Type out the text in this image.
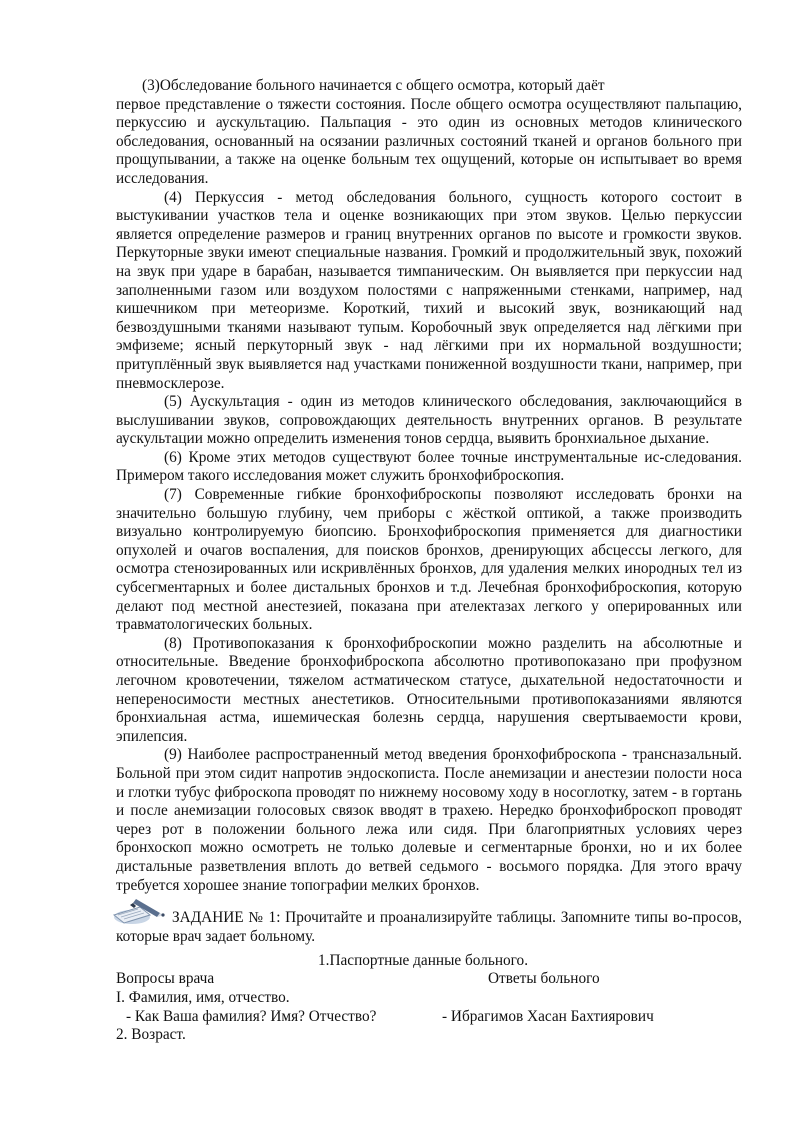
(3)Обследование больного начинается с общего осмотра, который даёт
первое представление о тяжести состояния. После общего осмотра осуществляют пальпацию, перкуссию и аускультацию. Пальпация - это один из основных методов клинического обследования, основанный на осязании различных состояний тканей и органов больного при прощупывании, а также на оценке больным тех ощущений, которые он испытывает во время исследования.
(4) Перкуссия - метод обследования больного, сущность которого состоит в выстукивании участков тела и оценке возникающих при этом звуков. Целью перкуссии является определение размеров и границ внутренних органов по высоте и громкости звуков. Перкуторные звуки имеют специальные названия. Громкий и продолжительный звук, похожий на звук при ударе в барабан, называется тимпаническим. Он выявляется при перкуссии над заполненными газом или воздухом полостями с напряженными стенками, например, над кишечником при метеоризме. Короткий, тихий и высокий звук, возникающий над безвоздушными тканями называют тупым. Коробочный звук определяется над лёгкими при эмфиземе; ясный перкуторный звук - над лёгкими при их нормальной воздушности; притуплённый звук выявляется над участками пониженной воздушности ткани, например, при пневмосклерозе.
(5) Аускультация - один из методов клинического обследования, заключающийся в выслушивании звуков, сопровождающих деятельность внутренних органов. В результате аускультации можно определить изменения тонов сердца, выявить бронхиальное дыхание.
(6) Кроме этих методов существуют более точные инструментальные ис-следования. Примером такого исследования может служить бронхофиброскопия.
(7) Современные гибкие бронхофиброскопы позволяют исследовать бронхи на значительно большую глубину, чем приборы с жёсткой оптикой, а также производить визуально контролируемую биопсию. Бронхофиброскопия применяется для диагностики опухолей и очагов воспаления, для поисков бронхов, дренирующих абсцессы легкого, для осмотра стенозированных или искривлённых бронхов, для удаления мелких инородных тел из субсегментарных и более дистальных бронхов и т.д. Лечебная бронхофиброскопия, которую делают под местной анестезией, показана при ателектазах легкого у оперированных или травматологических больных.
(8) Противопоказания к бронхофиброскопии можно разделить на абсолютные и относительные. Введение бронхофиброскопа абсолютно противопоказано при профузном легочном кровотечении, тяжелом астматическом статусе, дыхательной недостаточности и непереносимости местных анестетиков. Относительными противопоказаниями являются бронхиальная астма, ишемическая болезнь сердца, нарушения свертываемости крови, эпилепсия.
(9) Наиболее распространенный метод введения бронхофиброскопа - трансназальный. Больной при этом сидит напротив эндоскописта. После анемизации и анестезии полости носа и глотки тубус фиброскопа проводят по нижнему носовому ходу в носоглотку, затем - в гортань и после анемизации голосовых связок вводят в трахею. Нередко бронхофиброскоп проводят через рот в положении больного лежа или сидя. При благоприятных условиях через бронхоскоп можно осмотреть не только долевые и сегментарные бронхи, но и их более дистальные разветвления вплоть до ветвей седьмого - восьмого порядка. Для этого врачу требуется хорошее знание топографии мелких бронхов.
ЗАДАНИЕ № 1: Прочитайте и проанализируйте таблицы. Запомните типы во-просов, которые врач задает больному.
1.Паспортные данные больного.
Вопросы врача	Ответы больного
I. Фамилия, имя, отчество.
- Как Ваша фамилия? Имя? Отчество?	- Ибрагимов Хасан Бахтиярович
2. Возраст.
